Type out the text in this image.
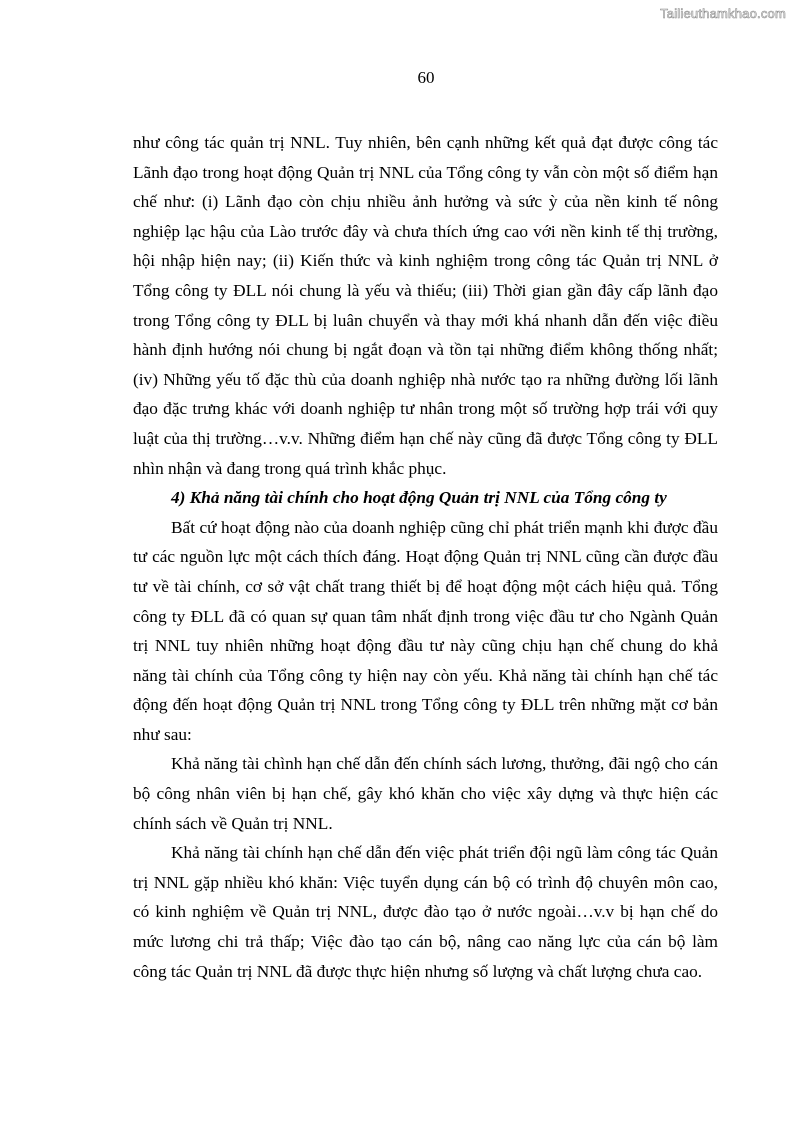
Tailieuthamkhao.com
60

như công tác quản trị NNL. Tuy nhiên, bên cạnh những kết quả đạt được công tác
Lãnh đạo trong hoạt động Quản trị NNL của Tổng công ty vẫn còn một số điểm hạn
chế như: (i) Lãnh đạo còn chịu nhiều ảnh hưởng và sức ỳ của nền kinh tế nông
nghiệp lạc hậu của Lào trước đây và chưa thích ứng cao với nền kinh tế thị trường,
hội nhập hiện nay; (ii) Kiến thức và kinh nghiệm trong công tác Quản trị NNL ở
Tổng công ty ĐLL nói chung là yếu và thiếu; (iii) Thời gian gần đây cấp lãnh đạo
trong Tổng công ty ĐLL bị luân chuyển và thay mới khá nhanh dẫn đến việc điều
hành định hướng nói chung bị ngắt đoạn và tồn tại những điểm không thống nhất;
(iv) Những yếu tố đặc thù của doanh nghiệp nhà nước tạo ra những đường lối lãnh
đạo đặc trưng khác với doanh nghiệp tư nhân trong một số trường hợp trái với quy
luật của thị trường…v.v. Những điểm hạn chế này cũng đã được Tổng công ty ĐLL

nhìn nhận và đang trong quá trình khắc phục.

4) Khả năng tài chính cho hoạt động Quản trị NNL của Tổng công ty

Bất cứ hoạt động nào của doanh nghiệp cũng chỉ phát triển mạnh khi được đầu
tư các nguồn lực một cách thích đáng. Hoạt động Quản trị NNL cũng cần được đầu
tư về tài chính, cơ sở vật chất trang thiết bị để hoạt động một cách hiệu quả. Tổng
công ty ĐLL đã có quan sự quan tâm nhất định trong việc đầu tư cho Ngành Quản
trị NNL tuy nhiên những hoạt động đầu tư này cũng chịu hạn chế chung do khả
năng tài chính của Tổng công ty hiện nay còn yếu. Khả năng tài chính hạn chế tác
động đến hoạt động Quản trị NNL trong Tổng công ty ĐLL trên những mặt cơ bản

như sau:

Khả năng tài chình hạn chế dẫn đến chính sách lương, thưởng, đãi ngộ cho cán
bộ công nhân viên bị hạn chế, gây khó khăn cho việc xây dựng và thực hiện các

chính sách về Quản trị NNL.

Khả năng tài chính hạn chế dẫn đến việc phát triển đội ngũ làm công tác Quản
trị NNL gặp nhiều khó khăn: Việc tuyển dụng cán bộ có trình độ chuyên môn cao,
có kinh nghiệm về Quản trị NNL, được đào tạo ở nước ngoài…v.v bị hạn chế do
mức lương chi trả thấp; Việc đào tạo cán bộ, nâng cao năng lực của cán bộ làm

công tác Quản trị NNL đã được thực hiện nhưng số lượng và chất lượng chưa cao.
